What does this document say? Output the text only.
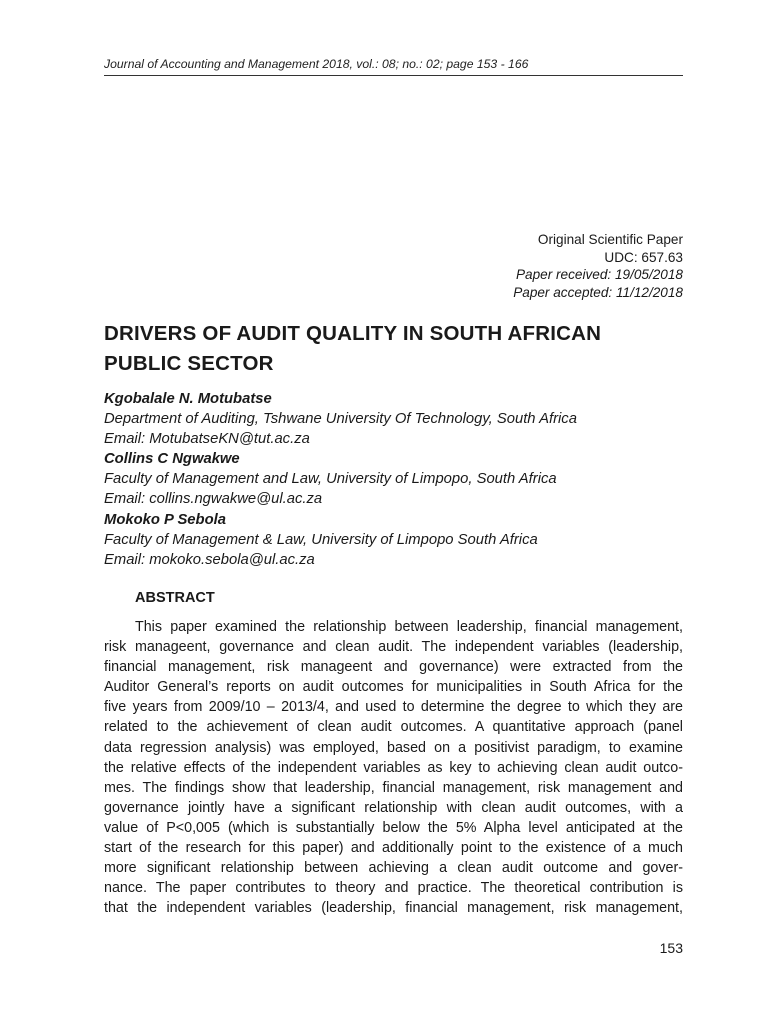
Journal of Accounting and Management 2018, vol.: 08; no.: 02; page 153 - 166
Original Scientific Paper
UDC: 657.63
Paper received: 19/05/2018
Paper accepted: 11/12/2018
DRIVERS OF AUDIT QUALITY IN SOUTH AFRICAN
PUBLIC SECTOR
Kgobalale N. Motubatse
Department of Auditing, Tshwane University Of Technology, South Africa
Email: MotubatseKN@tut.ac.za
Collins C Ngwakwe
Faculty of Management and Law, University of Limpopo, South Africa
Email: collins.ngwakwe@ul.ac.za
Mokoko P Sebola
Faculty of Management & Law, University of Limpopo South Africa
Email: mokoko.sebola@ul.ac.za
ABSTRACT
This paper examined the relationship between leadership, financial management,
risk manageent, governance and clean audit. The independent variables (leadership,
financial management, risk manageent and governance) were extracted from the
Auditor General’s reports on audit outcomes for municipalities in South Africa for the
five years from 2009/10 – 2013/4, and used to determine the degree to which they are
related to the achievement of clean audit outcomes. A quantitative approach (panel
data regression analysis) was employed, based on a positivist paradigm, to examine
the relative effects of the independent variables as key to achieving clean audit outco-
mes. The findings show that leadership, financial management, risk management and
governance jointly have a significant relationship with clean audit outcomes, with a
value of P<0,005 (which is substantially below the 5% Alpha level anticipated at the
start of the research for this paper) and additionally point to the existence of a much
more significant relationship between achieving a clean audit outcome and gover-
nance. The paper contributes to theory and practice. The theoretical contribution is
that the independent variables (leadership, financial management, risk management,
153
